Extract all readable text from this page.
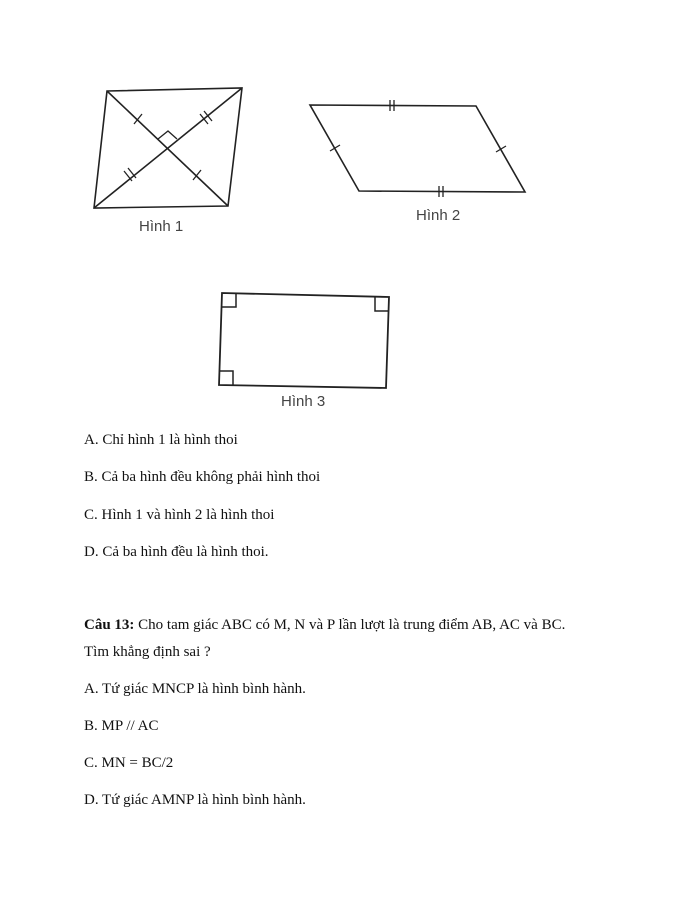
Hình 1
Hình 2
Hình 3
A. Chỉ hình 1 là hình thoi
B. Cả ba hình đều không phải hình thoi
C. Hình 1 và hình 2 là hình thoi
D. Cả ba hình đều là hình thoi.
Câu 13: Cho tam giác ABC có M, N và P lần lượt là trung điểm AB, AC và BC.
Tìm khẳng định sai ?
A. Tứ giác MNCP là hình bình hành.
B. MP // AC
C. MN = BC/2
D. Tứ giác AMNP là hình bình hành.
